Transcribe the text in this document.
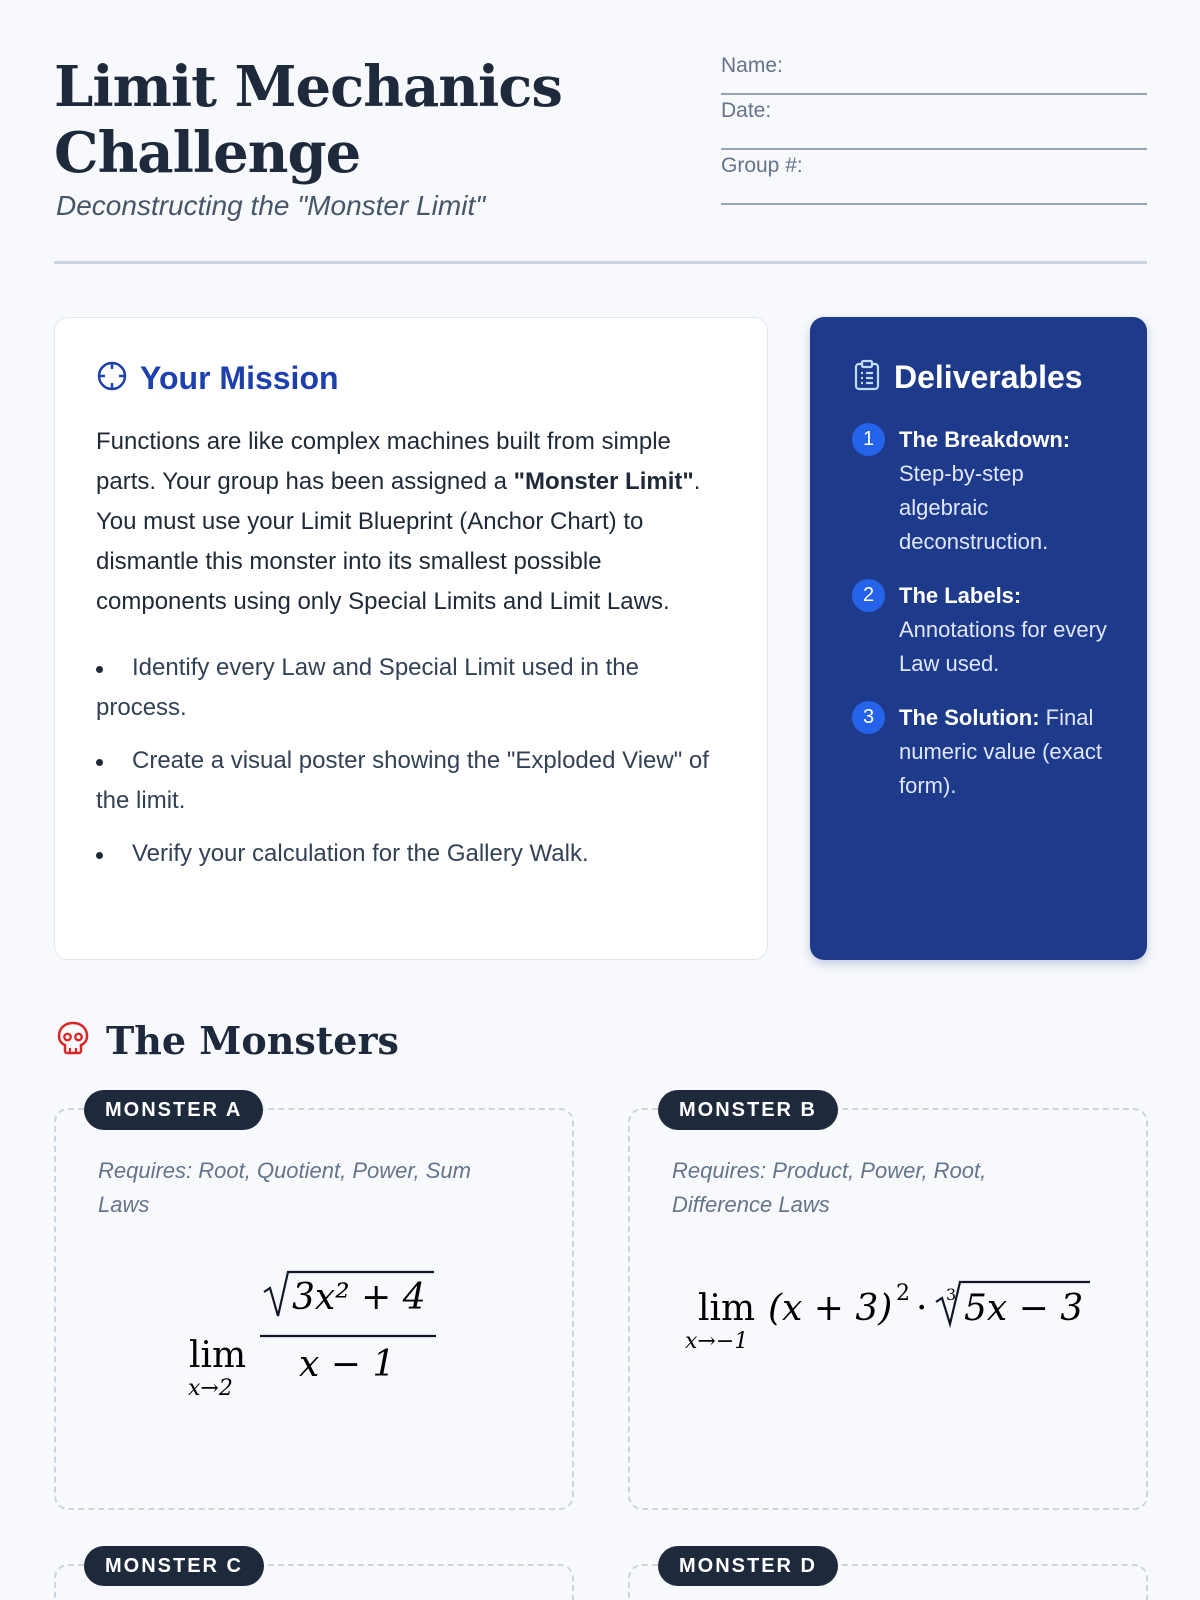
Limit Mechanics
Challenge
Deconstructing the "Monster Limit"
Name:
Date:
Group #:
Your Mission

Functions are like complex machines built from simple parts. Your group has been assigned a "Monster Limit". You must use your Limit Blueprint (Anchor Chart) to dismantle this monster into its smallest possible components using only Special Limits and Limit Laws.

Identify every Law and Special Limit used in the process.
Create a visual poster showing the "Exploded View" of the limit.
Verify your calculation for the Gallery Walk.
Deliverables
1	The Breakdown: Step-by-step algebraic deconstruction.
2	The Labels: Annotations for every Law used.
3	The Solution: Final numeric value (exact form).
The Monsters
MONSTER A
Requires: Root, Quotient, Power, Sum Laws
lim
x→2
3x² + 4
x − 1
MONSTER B
Requires: Product, Power, Root, Difference Laws
lim
x→−1
(x + 3) 2 · 3 5x − 3
MONSTER C	MONSTER D
